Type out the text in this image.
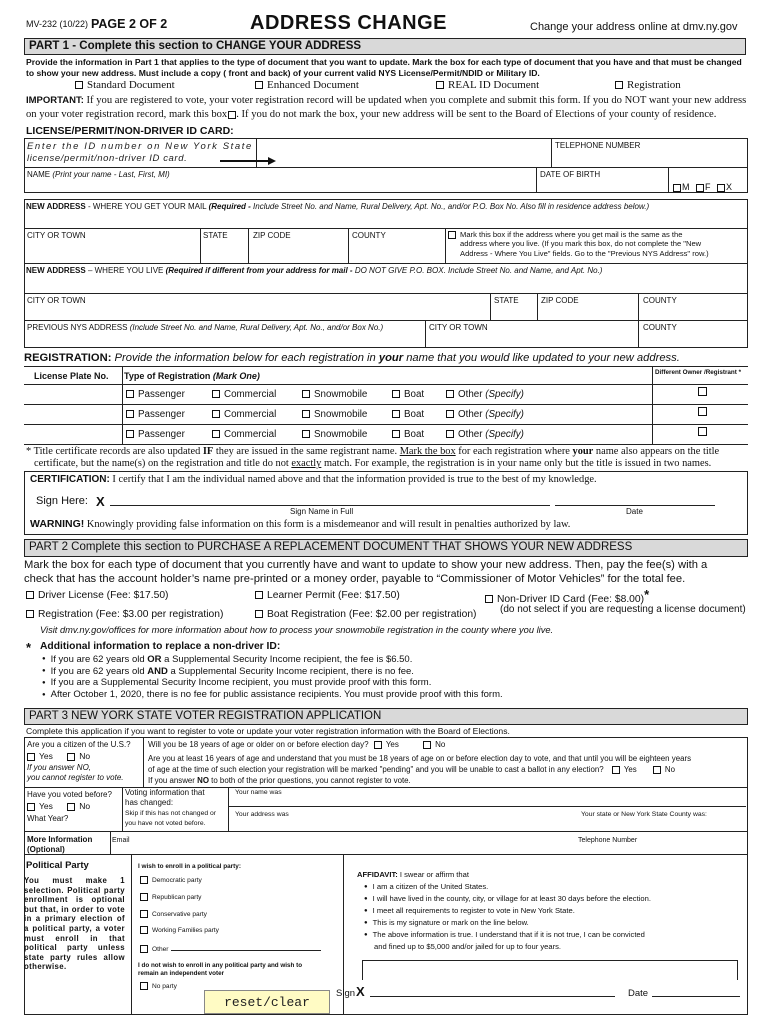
MV-232 (10/22) PAGE 2 OF 2	ADDRESS CHANGE	Change your address online at dmv.ny.gov
PART 1 - Complete this section to CHANGE YOUR ADDRESS
Provide the information in Part 1 that applies to the type of document that you want to update. Mark the box for each type of document that you have and that must be changed to show your new address. Must include a copy ( front and back) of your current valid NYS License/Permit/NDID or Military ID.
Standard Document	Enhanced Document	REAL ID Document	Registration
IMPORTANT: If you are registered to vote, your voter registration record will be updated when you complete and submit this form. If you do NOT want your new address
on your voter registration record, mark this box . If you do not mark the box, your new address will be sent to the Board of Elections of your county of residence.
LICENSE/PERMIT/NON-DRIVER ID CARD:
Enter the ID number on New York State
license/permit/non-driver ID card.
TELEPHONE NUMBER
NAME (Print your name - Last, First, MI)	DATE OF BIRTH
M F X
NEW ADDRESS - WHERE YOU GET YOUR MAIL (Required - Include Street No. and Name, Rural Delivery, Apt. No., and/or P.O. Box No. Also fill in residence address below.)
CITY OR TOWN	STATE	ZIP CODE	COUNTY	Mark this box if the address where you get mail is the same as the
address where you live. (If you mark this box, do not complete the "New
Address - Where You Live" fields. Go to the "Previous NYS Address" row.)
NEW ADDRESS – WHERE YOU LIVE (Required if different from your address for mail - DO NOT GIVE P.O. BOX. Include Street No. and Name, and Apt. No.)
CITY OR TOWN	STATE	ZIP CODE	COUNTY
PREVIOUS NYS ADDRESS (Include Street No. and Name, Rural Delivery, Apt. No., and/or Box No.)	CITY OR TOWN	COUNTY
REGISTRATION: Provide the information below for each registration in your name that you would like updated to your new address.
License Plate No. Type of Registration (Mark One)	Different Owner /Registrant *
Passenger	Commercial	Snowmobile	Boat	Other (Specify)
Passenger	Commercial	Snowmobile	Boat	Other (Specify)
Passenger	Commercial	Snowmobile	Boat	Other (Specify)
* Title certificate records are also updated IF they are issued in the same registrant name. Mark the box for each registration where your name also appears on the title
certificate, but the name(s) on the registration and title do not exactly match. For example, the registration is in your name only but the title is issued in two names.
CERTIFICATION: I certify that I am the individual named above and that the information provided is true to the best of my knowledge.
Sign Here: X
Sign Name in Full	Date
WARNING! Knowingly providing false information on this form is a misdemeanor and will result in penalties authorized by law.
PART 2 Complete this section to PURCHASE A REPLACEMENT DOCUMENT THAT SHOWS YOUR NEW ADDRESS
Mark the box for each type of document that you currently have and want to update to show your new address. Then, pay the fee(s) with a
check that has the account holder’s name pre-printed or a money order, payable to “Commissioner of Motor Vehicles” for the total fee.
Driver License (Fee: $17.50)	Learner Permit (Fee: $17.50)	Non-Driver ID Card (Fee: $8.00)*
Registration (Fee: $3.00 per registration)	Boat Registration (Fee: $2.00 per registration) (do not select if you are requesting a license document)
Visit dmv.ny.gov/offices for more information about how to process your snowmobile registration in the county where you live.
* Additional information to replace a non-driver ID:
● If you are 62 years old OR a Supplemental Security Income recipient, the fee is $6.50.
● If you are 62 years old AND a Supplemental Security Income recipient, there is no fee.
● If you are a Supplemental Security Income recipient, you must provide proof with this form.
● After October 1, 2020, there is no fee for public assistance recipients. You must provide proof with this form.
PART 3 NEW YORK STATE VOTER REGISTRATION APPLICATION
Complete this application if you want to register to vote or update your voter registration information with the Board of Elections.
Are you a citizen of the U.S.?
Yes	No
If you answer NO,
you cannot register to vote.
Will you be 18 years of age or older on or before election day? Yes	No
Are you at least 16 years of age and understand that you must be 18 years of age on or before election day to vote, and that until you will be eighteen years
of age at the time of such election your registration will be marked "pending" and you will be unable to cast a ballot in any election?	Yes	No
If you answer NO to both of the prior questions, you cannot register to vote.
Have you voted before?
Yes	No
What Year?
Voting information that
has changed:
Skip if this has not changed or
you have not voted before.
Your name was
Your address was	Your state or New York State County was:
More Information
(Optional)
Email	Telephone Number
Political Party
You must make 1 selection. Political party enrollment is optional but that, in order to vote in a primary election of a political party, a voter must enroll in that political party unless state party rules allow otherwise.
I wish to enroll in a political party:
Democratic party
Republican party
Conservative party
Working Families party
Other
I do not wish to enroll in any political party and wish to
remain an independent voter
No party
reset/clear
AFFIDAVIT: I swear or affirm that
● I am a citizen of the United States.
● I will have lived in the county, city, or village for at least 30 days before the election.
● I meet all requirements to register to vote in New York State.
● This is my signature or mark on the line below.
● The above information is true. I understand that if it is not true, I can be convicted
and fined up to $5,000 and/or jailed for up to four years.
Sign X	Date
